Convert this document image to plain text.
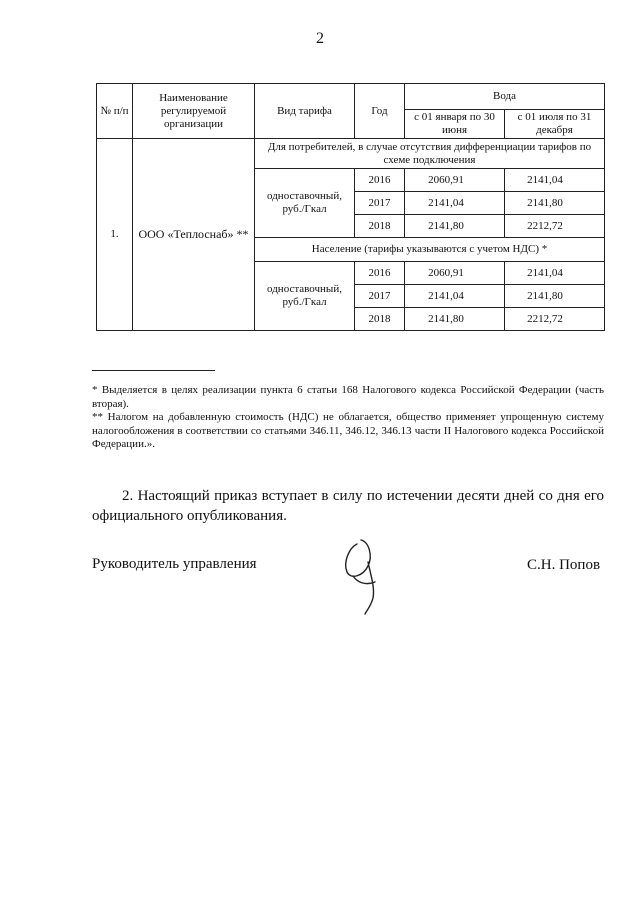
2
№ п/п	Наименование регулируемой организации	Вид тарифа	Год	Вода	
				с 01 января по 30 июня	с 01 июля по 31 декабря
1.	ООО «Теплоснаб» **	Для потребителей, в случае отсутствия дифференциации тарифов по схеме подключения			
		одноставочный, руб./Гкал	2016	2060,91	2141,04
			2017	2141,04	2141,80
			2018	2141,80	2212,72
		Население (тарифы указываются с учетом НДС) *			
		одноставочный, руб./Гкал	2016	2060,91	2141,04
			2017	2141,04	2141,80
			2018	2141,80	2212,72
* Выделяется в целях реализации пункта 6 статьи 168 Налогового кодекса Российской Федерации (часть вторая).
** Налогом на добавленную стоимость (НДС) не облагается, общество применяет упрощенную систему налогообложения в соответствии со статьями 346.11, 346.12, 346.13 части II Налогового кодекса Российской Федерации.».
2. Настоящий приказ вступает в силу по истечении десяти дней со дня его официального опубликования.
Руководитель управления	С.Н. Попов
